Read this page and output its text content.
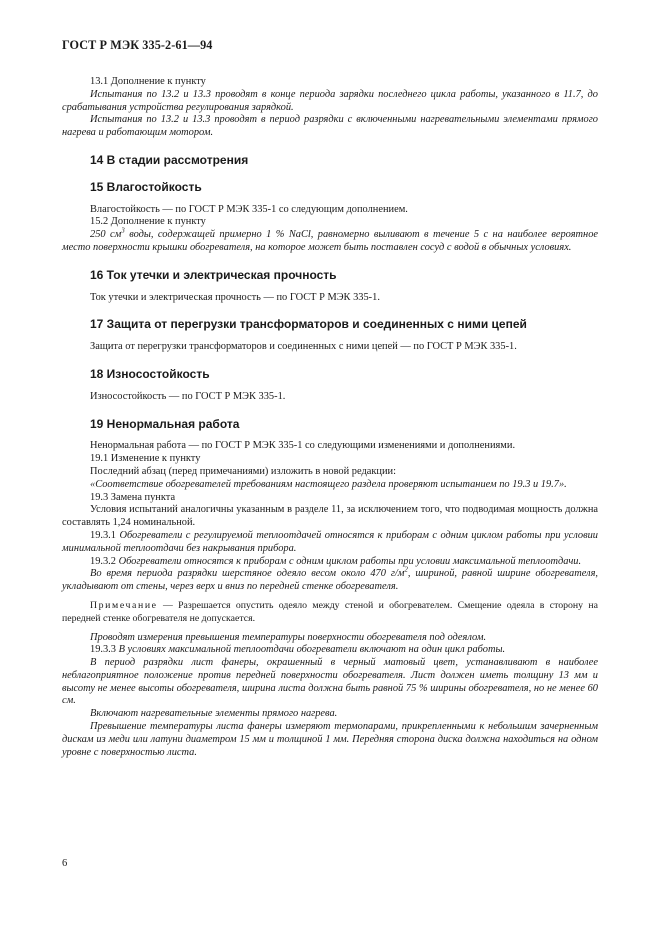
ГОСТ Р МЭК 335-2-61—94

13.1 Дополнение к пункту

Испытания по 13.2 и 13.3 проводят в конце периода зарядки последнего цикла работы, указанного в 11.7, до срабатывания устройства регулирования зарядкой.

Испытания по 13.2 и 13.3 проводят в период разрядки с включенными нагревательными элементами прямого нагрева и работающим мотором.

14 В стадии рассмотрения

15 Влагостойкость

Влагостойкость — по ГОСТ Р МЭК 335-1 со следующим дополнением.

15.2 Дополнение к пункту

250 $см^3$ воды, содержащей примерно 1 % NaCl, равномерно выливают в течение 5 с на наиболее вероятное место поверхности крышки обогревателя, на которое может быть поставлен сосуд с водой в обычных условиях.

16 Ток утечки и электрическая прочность

Ток утечки и электрическая прочность — по ГОСТ Р МЭК 335-1.

17 Защита от перегрузки трансформаторов и соединенных с ними цепей

Защита от перегрузки трансформаторов и соединенных с ними цепей — по ГОСТ Р МЭК 335-1.

18 Износостойкость

Износостойкость — по ГОСТ Р МЭК 335-1.

19 Ненормальная работа

Ненормальная работа — по ГОСТ Р МЭК 335-1 со следующими изменениями и дополнениями.

19.1 Изменение к пункту

Последний абзац (перед примечаниями) изложить в новой редакции:

«Соответствие обогревателей требованиям настоящего раздела проверяют испытанием по 19.3 и 19.7».

19.3 Замена пункта

Условия испытаний аналогичны указанным в разделе 11, за исключением того, что подводимая мощность должна составлять 1,24 номинальной.

19.3.1 Обогреватели с регулируемой теплоотдачей относятся к приборам с одним циклом работы при условии минимальной теплоотдачи без накрывания прибора.

19.3.2 Обогреватели относятся к приборам с одним циклом работы при условии максимальной теплоотдачи.

Во время периода разрядки шерстяное одеяло весом около 470 $г/м^2$, шириной, равной ширине обогревателя, укладывают от стены, через верх и вниз по передней стенке обогревателя.

Примечание — Разрешается опустить одеяло между стеной и обогревателем. Смещение одеяла в сторону на передней стенке обогревателя не допускается.

Проводят измерения превышения температуры поверхности обогревателя под одеялом.

19.3.3 В условиях максимальной теплоотдачи обогреватели включают на один цикл работы.

В период разрядки лист фанеры, окрашенный в черный матовый цвет, устанавливают в наиболее неблагоприятное положение против передней поверхности обогревателя. Лист должен иметь толщину 13 мм и высоту не менее высоты обогревателя, ширина листа должна быть равной 75 % ширины обогревателя, но не менее 60 см.

Включают нагревательные элементы прямого нагрева.

Превышение температуры листа фанеры измеряют термопарами, прикрепленными к небольшим зачерненным дискам из меди или латуни диаметром 15 мм и толщиной 1 мм. Передняя сторона диска должна находиться на одном уровне с поверхностью листа.

6
